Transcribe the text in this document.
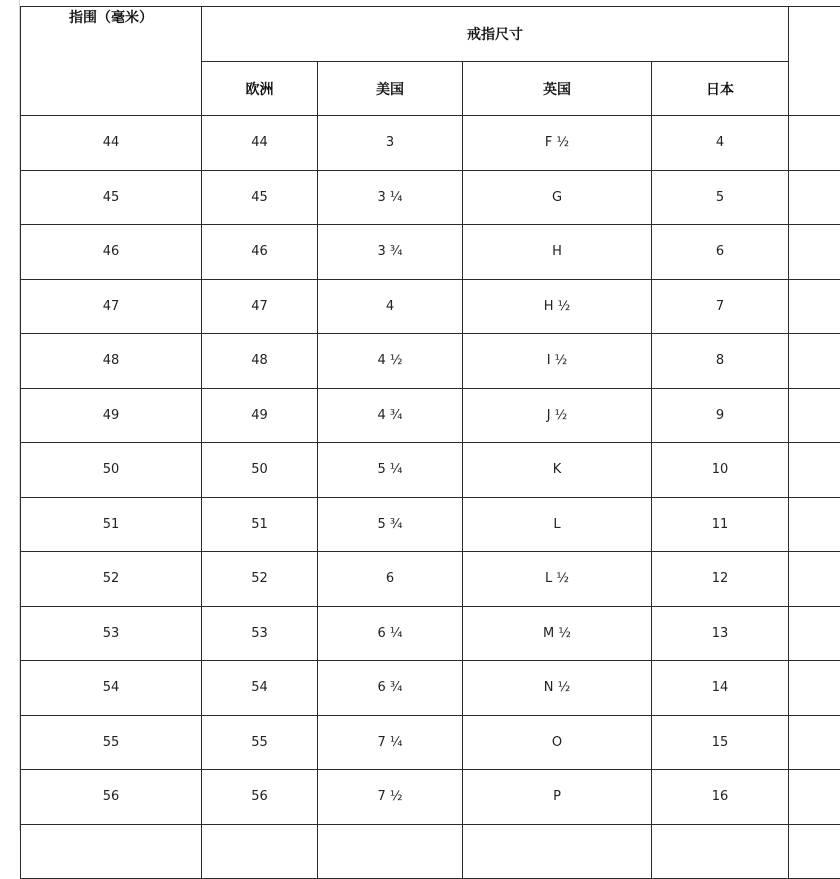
指围（毫米）	戒指尺寸				
	欧洲	美国	英国	日本	
44	44	3	F ½	4	
45	45	3 ¼	G	5	
46	46	3 ¾	H	6	
47	47	4	H ½	7	
48	48	4 ½	I ½	8	
49	49	4 ¾	J ½	9	
50	50	5 ¼	K	10	
51	51	5 ¾	L	11	
52	52	6	L ½	12	
53	53	6 ¼	M ½	13	
54	54	6 ¾	N ½	14	
55	55	7 ¼	O	15	
56	56	7 ½	P	16	
